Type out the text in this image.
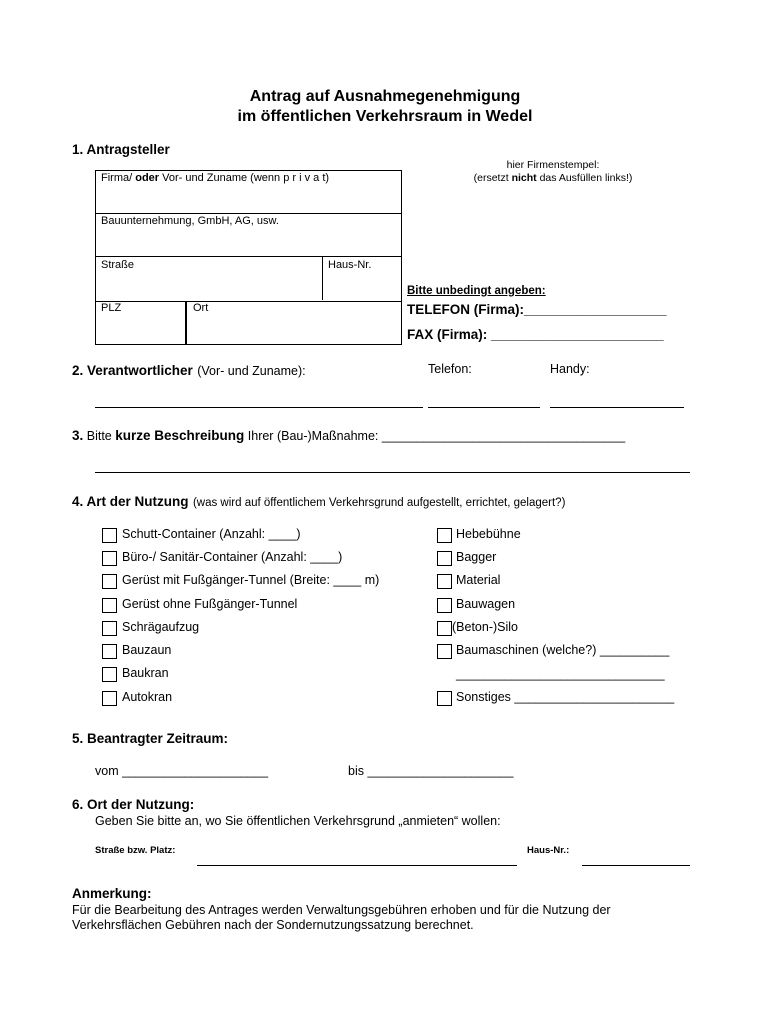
Antrag auf Ausnahmegenehmigung
im öffentlichen Verkehrsraum in Wedel
1. Antragsteller
Firma/ oder Vor- und Zuname (wenn p r i v a t)
Bauunternehmung, GmbH, AG, usw.
Straße	Haus-Nr.
PLZ	Ort
hier Firmenstempel:
(ersetzt nicht das Ausfüllen links!)
Bitte unbedingt angeben:
TELEFON (Firma):___________________
FAX (Firma): _______________________
2. Verantwortlicher (Vor- und Zuname):	Telefon:	Handy:
3. Bitte kurze Beschreibung Ihrer (Bau-)Maßnahme: ___________________________________
4. Art der Nutzung (was wird auf öffentlichem Verkehrsgrund aufgestellt, errichtet, gelagert?)
Schutt-Container (Anzahl: ____)
Büro-/ Sanitär-Container (Anzahl: ____)
Gerüst mit Fußgänger-Tunnel (Breite: ____ m)
Gerüst ohne Fußgänger-Tunnel
Schrägaufzug
Bauzaun
Baukran
Autokran
Hebebühne
Bagger
Material
Bauwagen
(Beton-)Silo
Baumaschinen (welche?) __________
______________________________
Sonstiges _______________________
5. Beantragter Zeitraum:
vom _____________________	bis _____________________
6. Ort der Nutzung:
Geben Sie bitte an, wo Sie öffentlichen Verkehrsgrund „anmieten“ wollen:
Straße bzw. Platz:	Haus-Nr.:
Anmerkung:
Für die Bearbeitung des Antrages werden Verwaltungsgebühren erhoben und für die Nutzung der
Verkehrsflächen Gebühren nach der Sondernutzungssatzung berechnet.
